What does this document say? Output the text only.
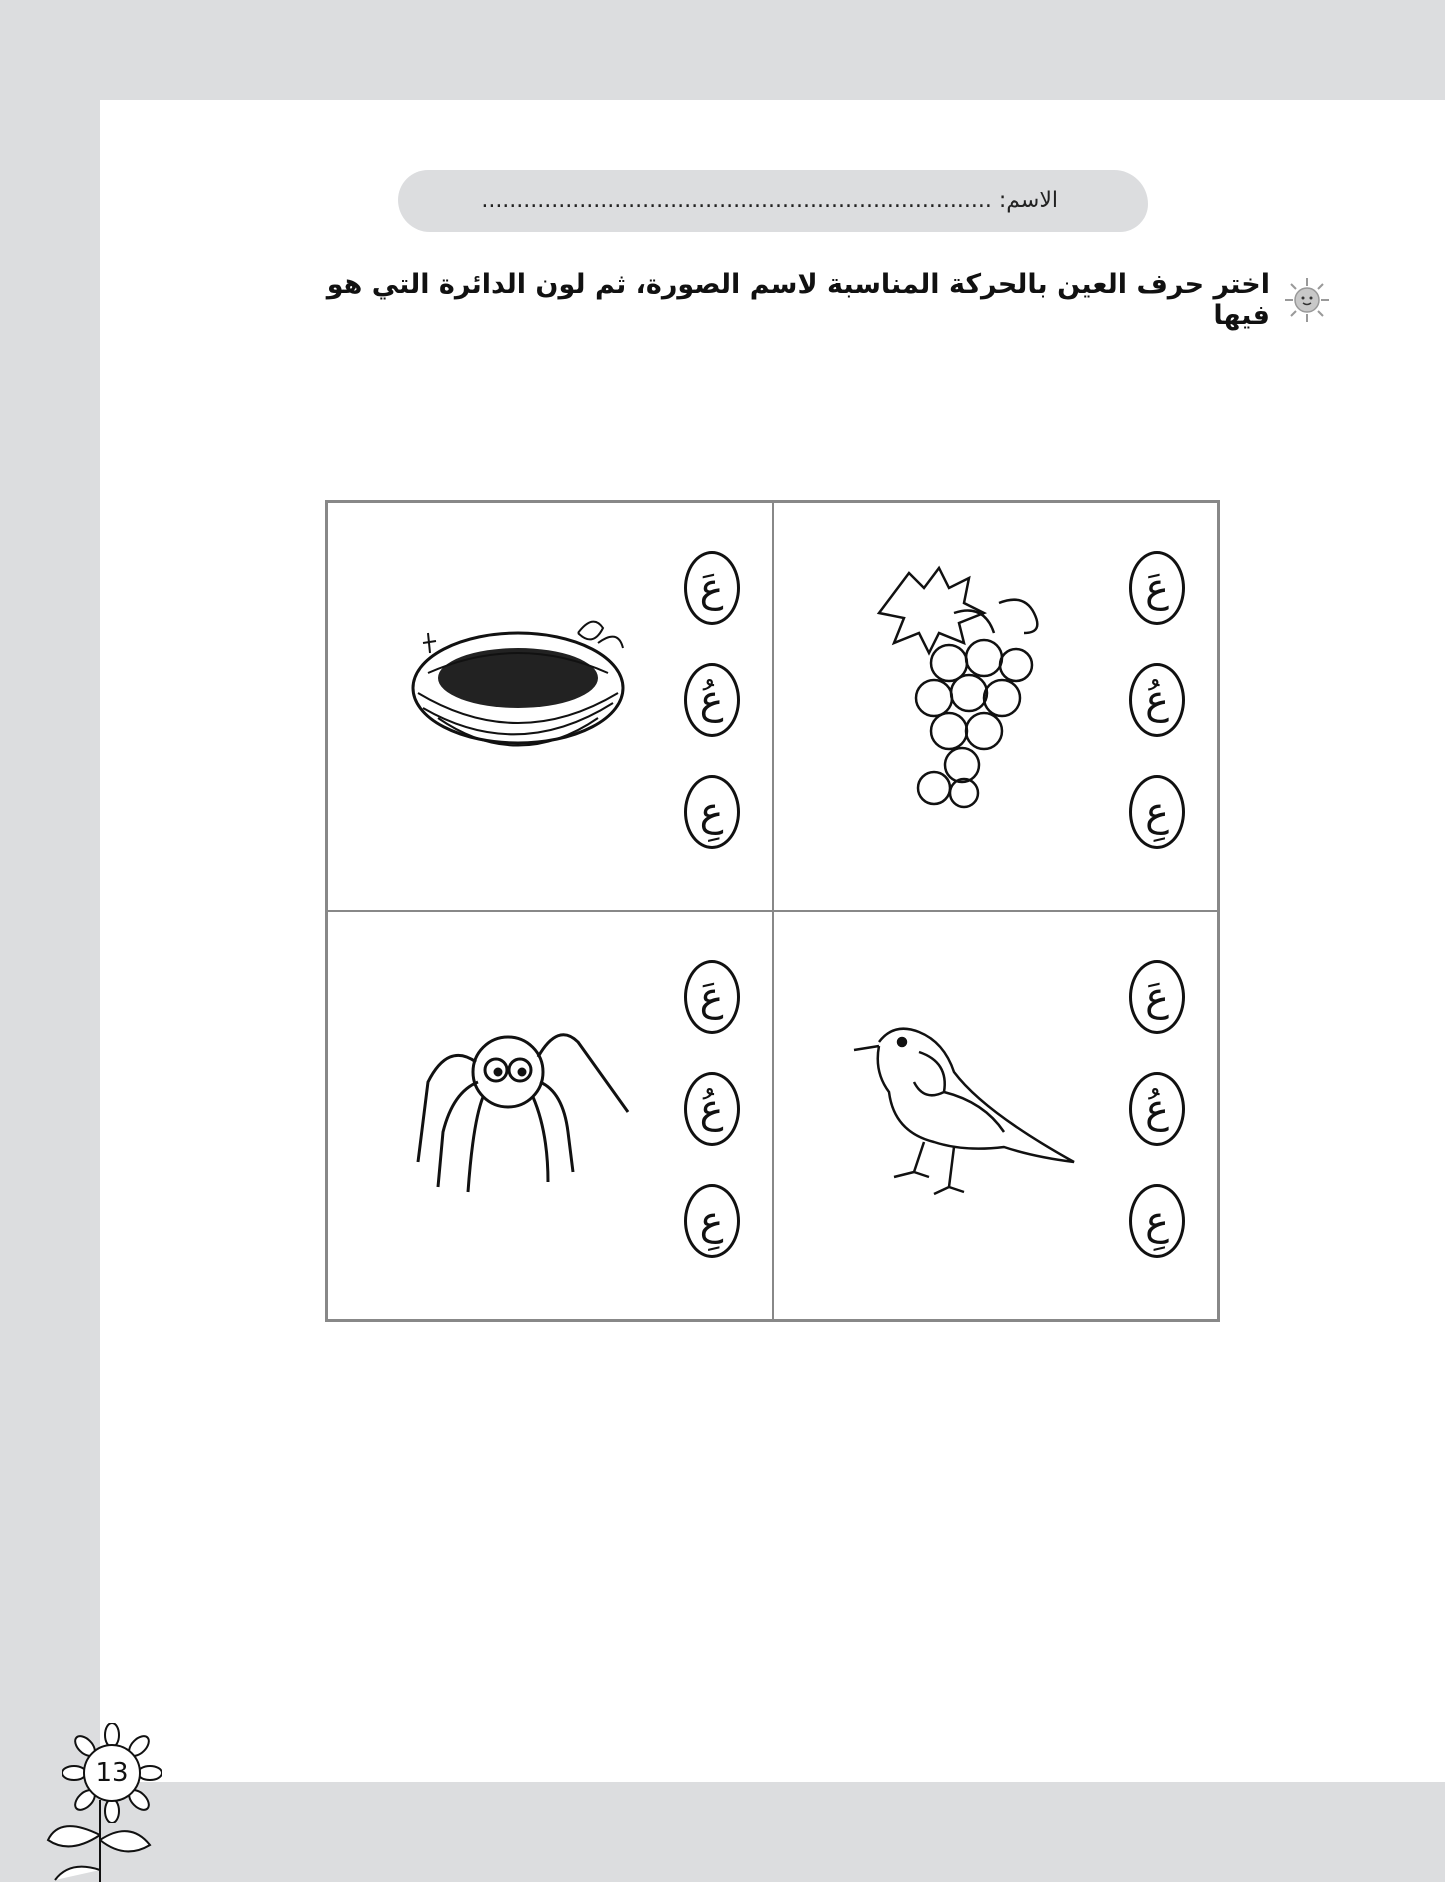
الاسم: .........................................................................
اختر حرف العين بالحركة المناسبة لاسم الصورة، ثم لون الدائرة التي هو فيها
عَ
عُ
عِ
عَ
عُ
عِ
عَ
عُ
عِ
عَ
عُ
عِ
13
